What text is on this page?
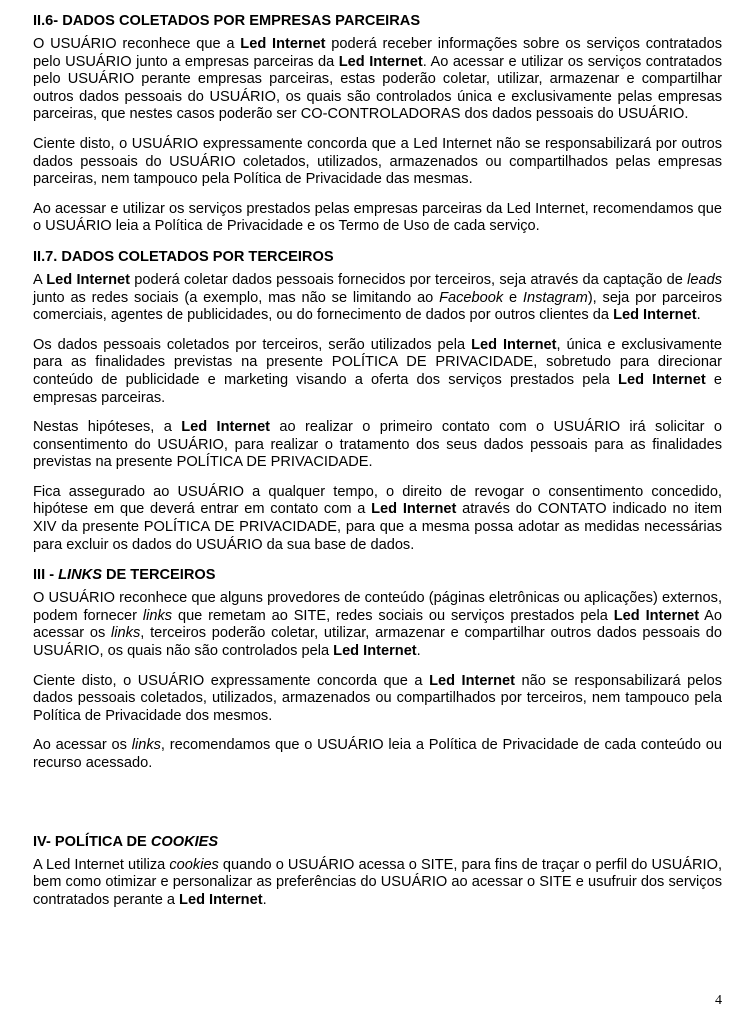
II.6- DADOS COLETADOS POR EMPRESAS PARCEIRAS

O USUÁRIO reconhece que a Led Internet poderá receber informações sobre os serviços contratados pelo USUÁRIO junto a empresas parceiras da Led Internet. Ao acessar e utilizar os serviços contratados pelo USUÁRIO perante empresas parceiras, estas poderão coletar, utilizar, armazenar e compartilhar outros dados pessoais do USUÁRIO, os quais são controlados única e exclusivamente pelas empresas parceiras, que nestes casos poderão ser CO-CONTROLADORAS dos dados pessoais do USUÁRIO.

Ciente disto, o USUÁRIO expressamente concorda que a Led Internet não se responsabilizará por outros dados pessoais do USUÁRIO coletados, utilizados, armazenados ou compartilhados pelas empresas parceiras, nem tampouco pela Política de Privacidade das mesmas.

Ao acessar e utilizar os serviços prestados pelas empresas parceiras da Led Internet, recomendamos que o USUÁRIO leia a Política de Privacidade e os Termo de Uso de cada serviço.

II.7. DADOS COLETADOS POR TERCEIROS

A Led Internet poderá coletar dados pessoais fornecidos por terceiros, seja através da captação de leads junto as redes sociais (a exemplo, mas não se limitando ao Facebook e Instagram), seja por parceiros comerciais, agentes de publicidades, ou do fornecimento de dados por outros clientes da Led Internet.

Os dados pessoais coletados por terceiros, serão utilizados pela Led Internet, única e exclusivamente para as finalidades previstas na presente POLÍTICA DE PRIVACIDADE, sobretudo para direcionar conteúdo de publicidade e marketing visando a oferta dos serviços prestados pela Led Internet e empresas parceiras.

Nestas hipóteses, a Led Internet ao realizar o primeiro contato com o USUÁRIO irá solicitar o consentimento do USUÁRIO, para realizar o tratamento dos seus dados pessoais para as finalidades previstas na presente POLÍTICA DE PRIVACIDADE.

Fica assegurado ao USUÁRIO a qualquer tempo, o direito de revogar o consentimento concedido, hipótese em que deverá entrar em contato com a Led Internet através do CONTATO indicado no item XIV da presente POLÍTICA DE PRIVACIDADE, para que a mesma possa adotar as medidas necessárias para excluir os dados do USUÁRIO da sua base de dados.

III - LINKS DE TERCEIROS

O USUÁRIO reconhece que alguns provedores de conteúdo (páginas eletrônicas ou aplicações) externos, podem fornecer links que remetam ao SITE, redes sociais ou serviços prestados pela Led Internet Ao acessar os links, terceiros poderão coletar, utilizar, armazenar e compartilhar outros dados pessoais do USUÁRIO, os quais não são controlados pela Led Internet.

Ciente disto, o USUÁRIO expressamente concorda que a Led Internet não se responsabilizará pelos dados pessoais coletados, utilizados, armazenados ou compartilhados por terceiros, nem tampouco pela Política de Privacidade dos mesmos.

Ao acessar os links, recomendamos que o USUÁRIO leia a Política de Privacidade de cada conteúdo ou recurso acessado.

IV- POLÍTICA DE COOKIES

A Led Internet utiliza cookies quando o USUÁRIO acessa o SITE, para fins de traçar o perfil do USUÁRIO, bem como otimizar e personalizar as preferências do USUÁRIO ao acessar o SITE e usufruir dos serviços contratados perante a Led Internet.

4
